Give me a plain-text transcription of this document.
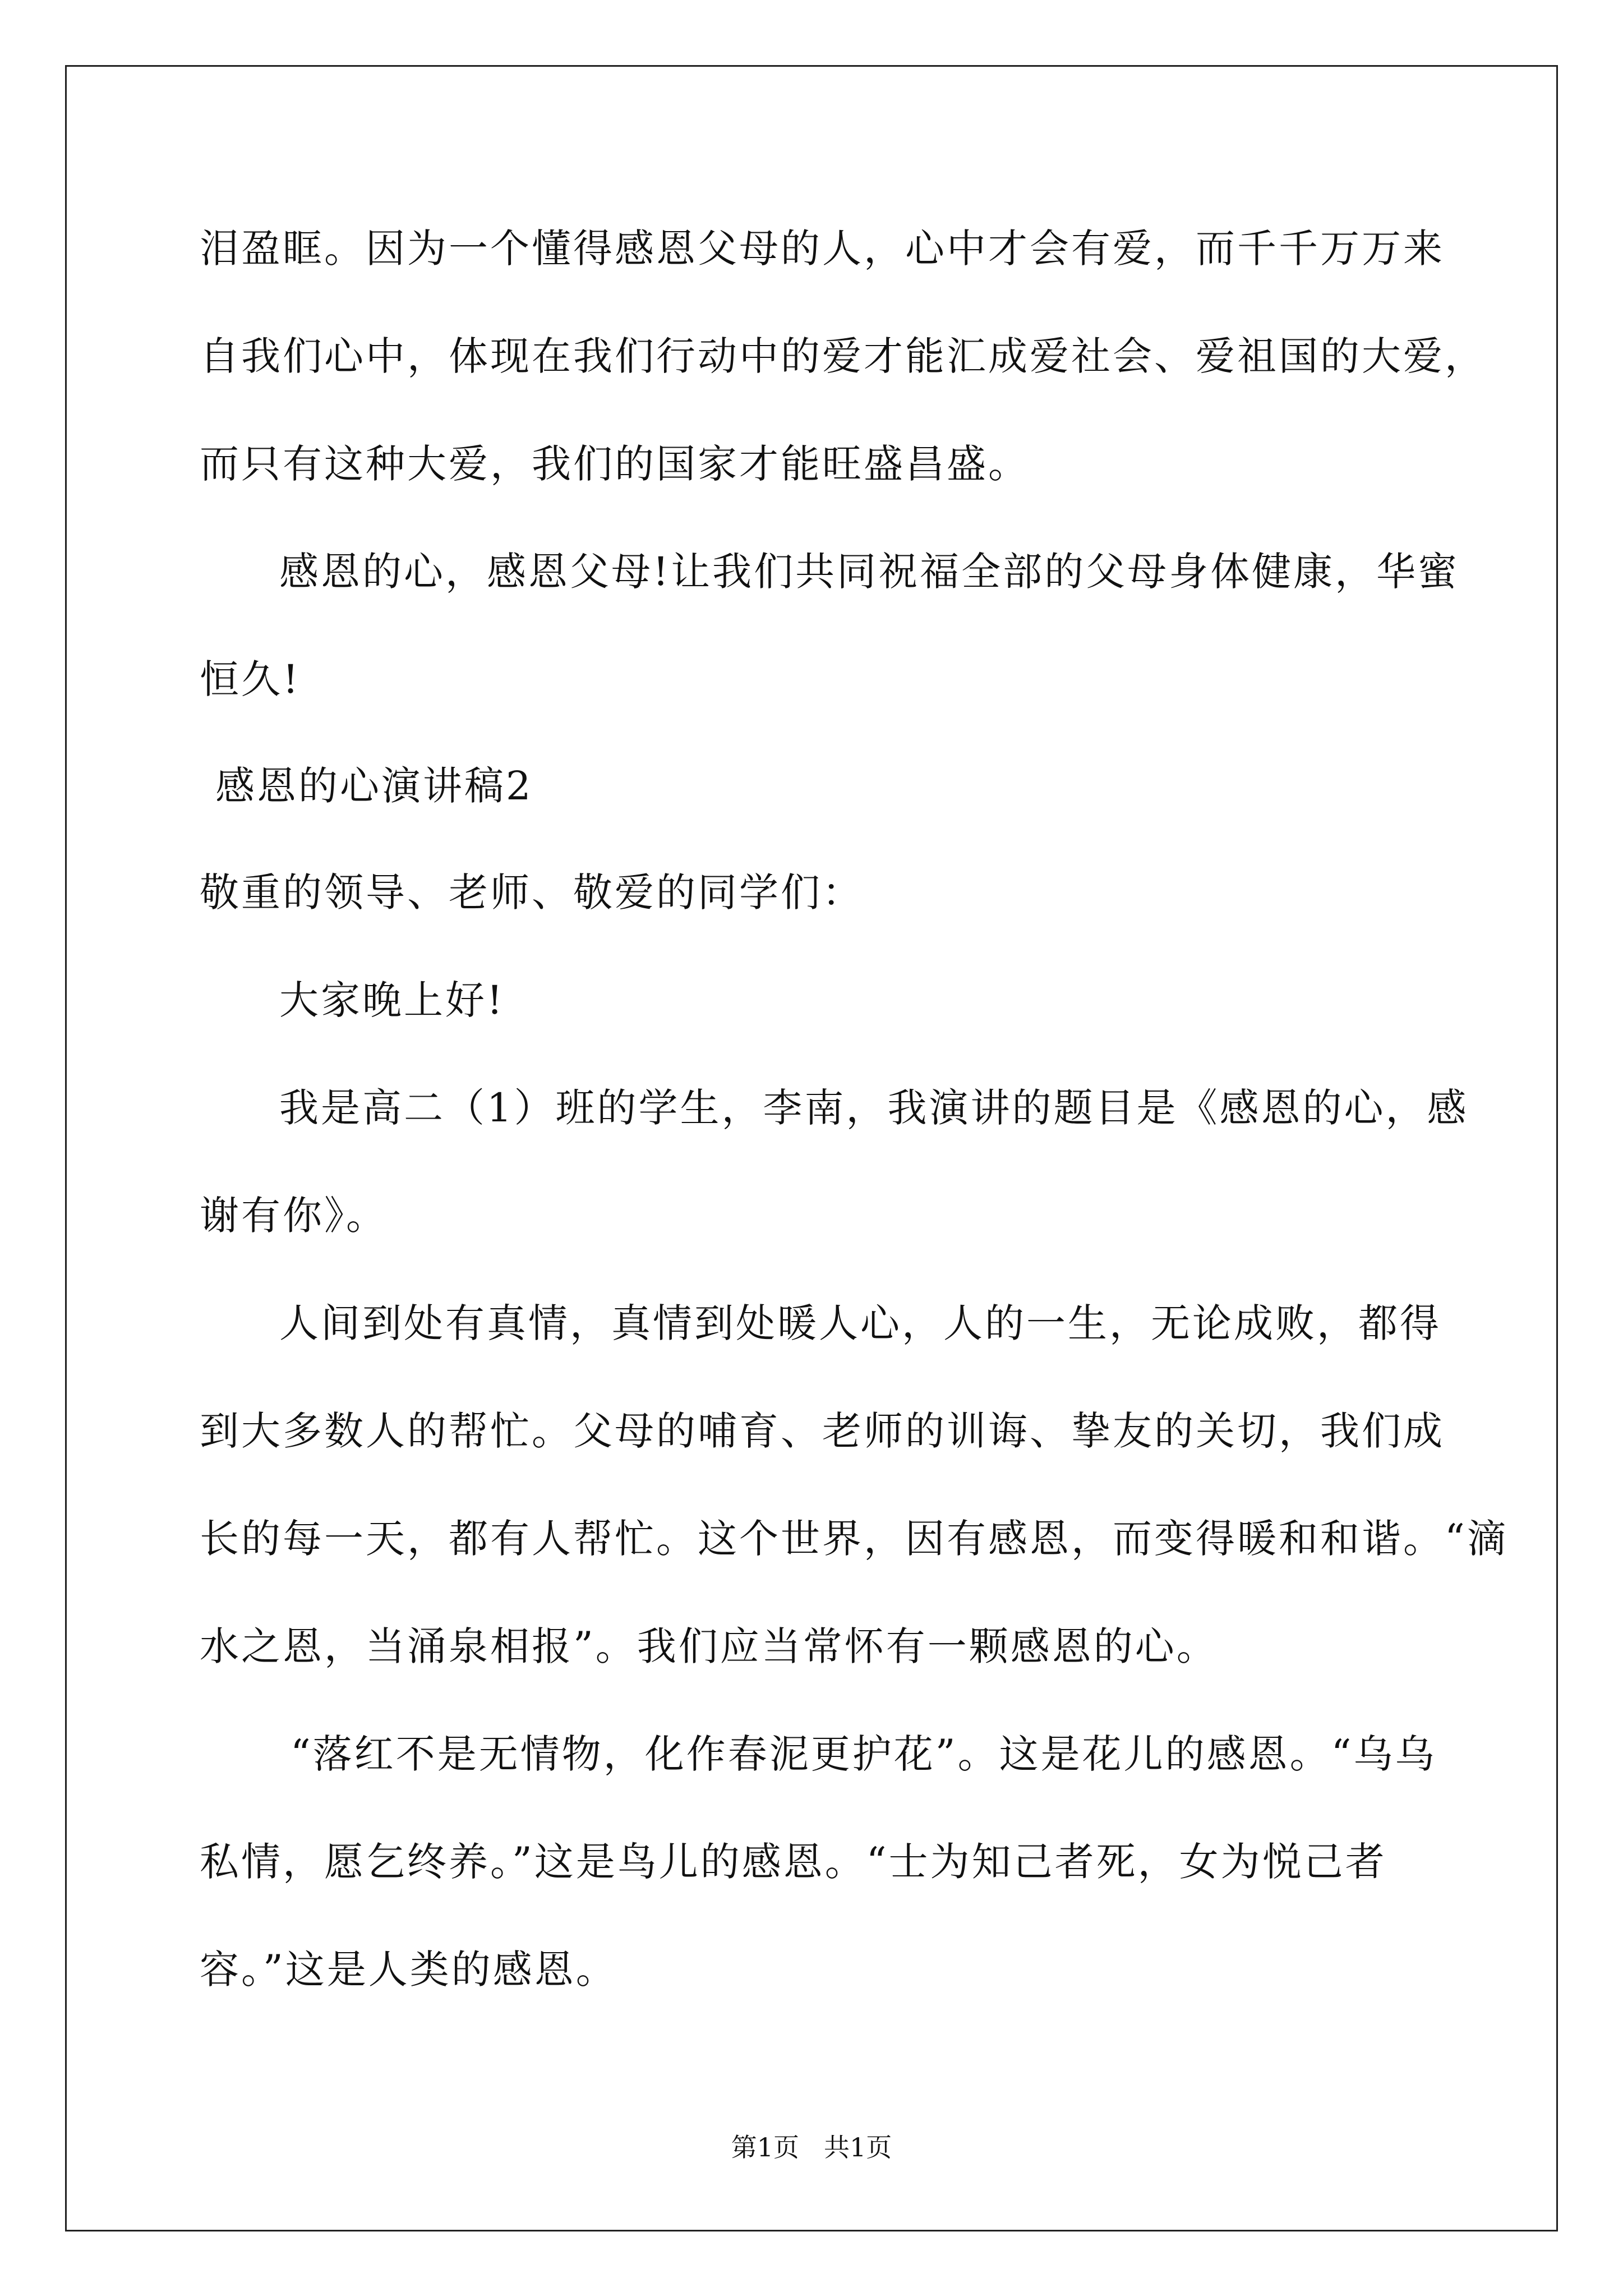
泪盈眶。因为一个懂得感恩父母的人，心中才会有爱，而千千万万来
自我们心中，体现在我们行动中的爱才能汇成爱社会、爱祖国的大爱，
而只有这种大爱，我们的国家才能旺盛昌盛。
感恩的心，感恩父母!让我们共同祝福全部的父母身体健康，华蜜
恒久!
感恩的心演讲稿2
敬重的领导、老师、敬爱的同学们：
大家晚上好!
我是高二（1）班的学生，李南，我演讲的题目是《感恩的心，感
谢有你》。
人间到处有真情，真情到处暖人心，人的一生，无论成败，都得
到大多数人的帮忙。父母的哺育、老师的训诲、挚友的关切，我们成
长的每一天，都有人帮忙。这个世界，因有感恩，而变得暖和和谐。“滴
水之恩，当涌泉相报”。我们应当常怀有一颗感恩的心。
“落红不是无情物，化作春泥更护花”。这是花儿的感恩。“乌乌
私情，愿乞终养。”这是鸟儿的感恩。“士为知己者死，女为悦己者
容。”这是人类的感恩。
第1页 共1页
